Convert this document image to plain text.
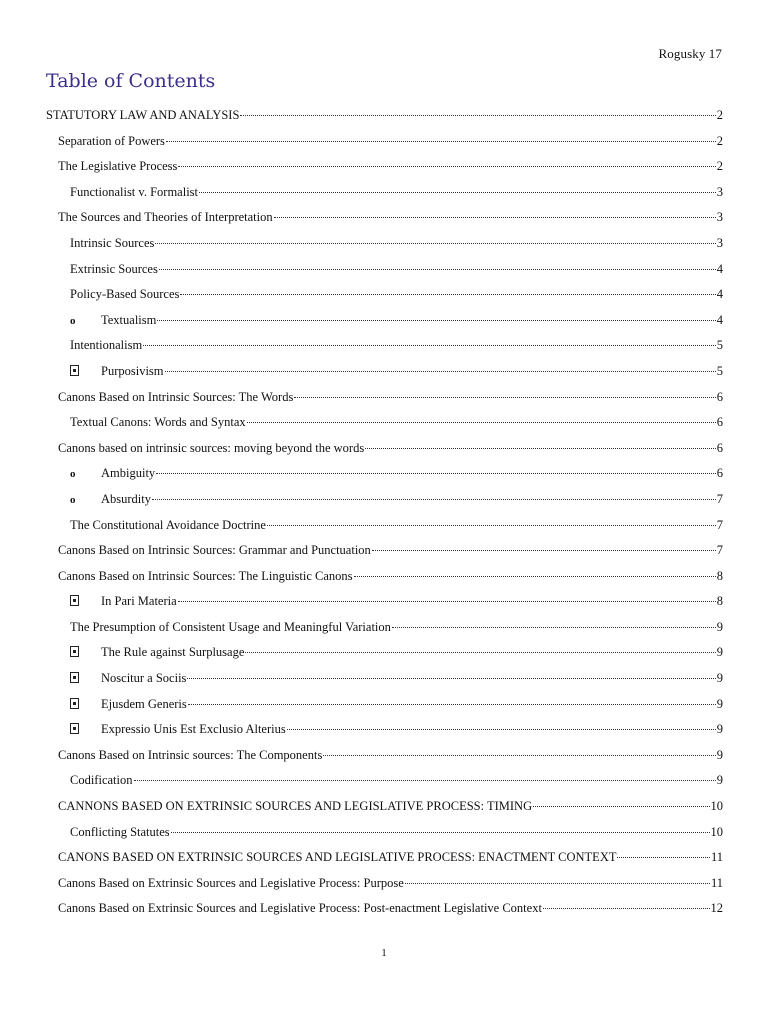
Rogusky 17
Table of Contents
STATUTORY LAW AND ANALYSIS	2
Separation of Powers	2
The Legislative Process	2
Functionalist v. Formalist	3
The Sources and Theories of Interpretation	3
Intrinsic Sources	3
Extrinsic Sources	4
Policy-Based Sources	4
o	Textualism	4
Intentionalism	5
Purposivism	5
Canons Based on Intrinsic Sources: The Words	6
Textual Canons: Words and Syntax	6
Canons based on intrinsic sources: moving beyond the words	6
o	Ambiguity	6
o	Absurdity	7
The Constitutional Avoidance Doctrine	7
Canons Based on Intrinsic Sources: Grammar and Punctuation	7
Canons Based on Intrinsic Sources: The Linguistic Canons	8
In Pari Materia	8
The Presumption of Consistent Usage and Meaningful Variation	9
The Rule against Surplusage	9
Noscitur a Sociis	9
Ejusdem Generis	9
Expressio Unis Est Exclusio Alterius	9
Canons Based on Intrinsic sources: The Components	9
Codification	9
CANNONS BASED ON EXTRINSIC SOURCES AND LEGISLATIVE PROCESS: TIMING	10
Conflicting Statutes	10
CANONS BASED ON EXTRINSIC SOURCES AND LEGISLATIVE PROCESS: ENACTMENT CONTEXT	11
Canons Based on Extrinsic Sources and Legislative Process: Purpose	11
Canons Based on Extrinsic Sources and Legislative Process: Post-enactment Legislative Context	12
1
